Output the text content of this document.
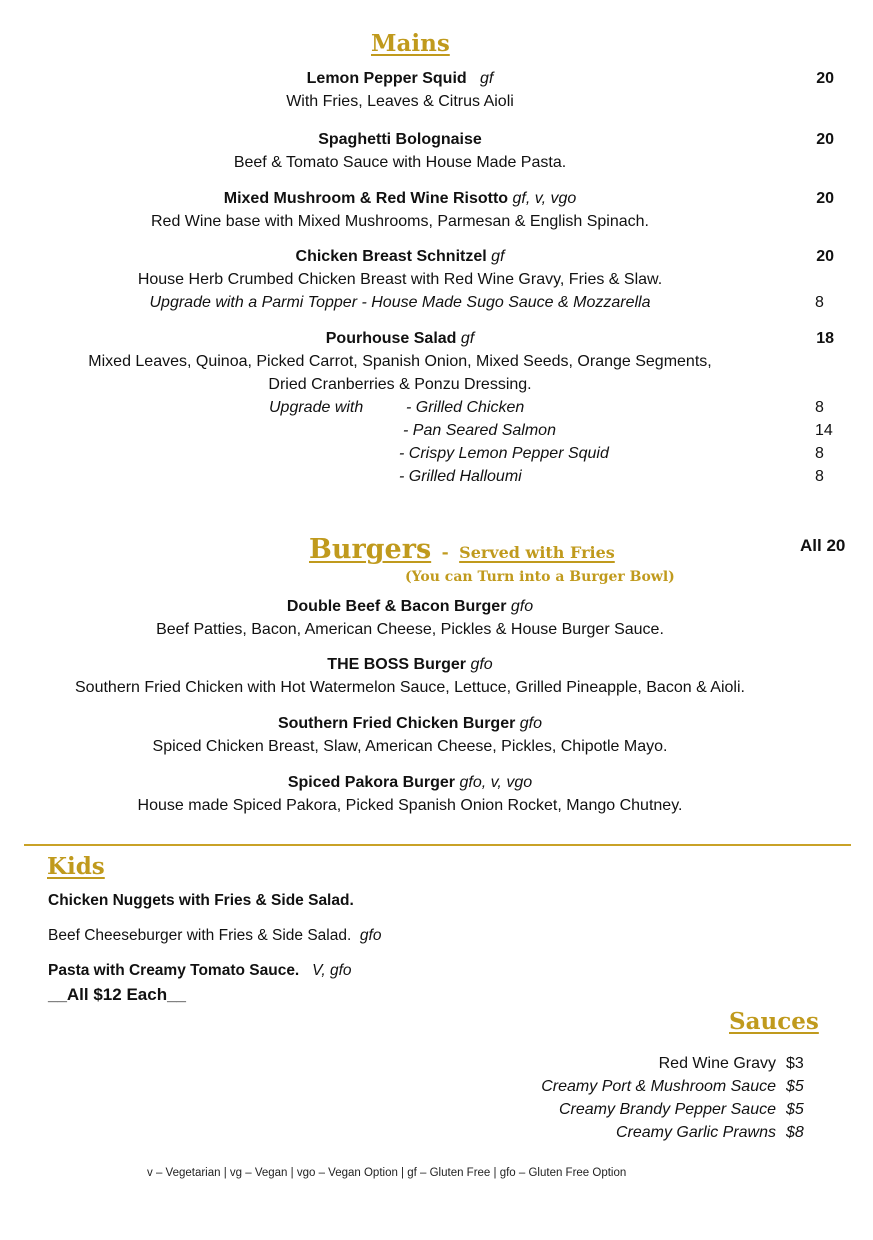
Mains
Lemon Pepper Squid gf
With Fries, Leaves & Citrus Aioli
20
Spaghetti Bolognaise
Beef & Tomato Sauce with House Made Pasta.
20
Mixed Mushroom & Red Wine Risotto gf, v, vgo
Red Wine base with Mixed Mushrooms, Parmesan & English Spinach.
20
Chicken Breast Schnitzel gf
House Herb Crumbed Chicken Breast with Red Wine Gravy, Fries & Slaw.
Upgrade with a Parmi Topper - House Made Sugo Sauce & Mozzarella
20
8
Pourhouse Salad gf
Mixed Leaves, Quinoa, Picked Carrot, Spanish Onion, Mixed Seeds, Orange Segments,
Dried Cranberries & Ponzu Dressing.
18
Upgrade with	- Grilled Chicken
- Pan Seared Salmon
- Crispy Lemon Pepper Squid
- Grilled Halloumi
8
14
8
8
Burgers - Served with Fries
(You can Turn into a Burger Bowl)
All 20
Double Beef & Bacon Burger gfo
Beef Patties, Bacon, American Cheese, Pickles & House Burger Sauce.
THE BOSS Burger gfo
Southern Fried Chicken with Hot Watermelon Sauce, Lettuce, Grilled Pineapple, Bacon & Aioli.
Southern Fried Chicken Burger gfo
Spiced Chicken Breast, Slaw, American Cheese, Pickles, Chipotle Mayo.
Spiced Pakora Burger gfo, v, vgo
House made Spiced Pakora, Picked Spanish Onion Rocket, Mango Chutney.
Kids
Chicken Nuggets with Fries & Side Salad.
Beef Cheeseburger with Fries & Side Salad. gfo
Pasta with Creamy Tomato Sauce. V, gfo
__All $12 Each__
Sauces
Red Wine Gravy $3
Creamy Port & Mushroom Sauce $5
Creamy Brandy Pepper Sauce $5
Creamy Garlic Prawns $8
v – Vegetarian | vg – Vegan | vgo – Vegan Option | gf – Gluten Free | gfo – Gluten Free Option
